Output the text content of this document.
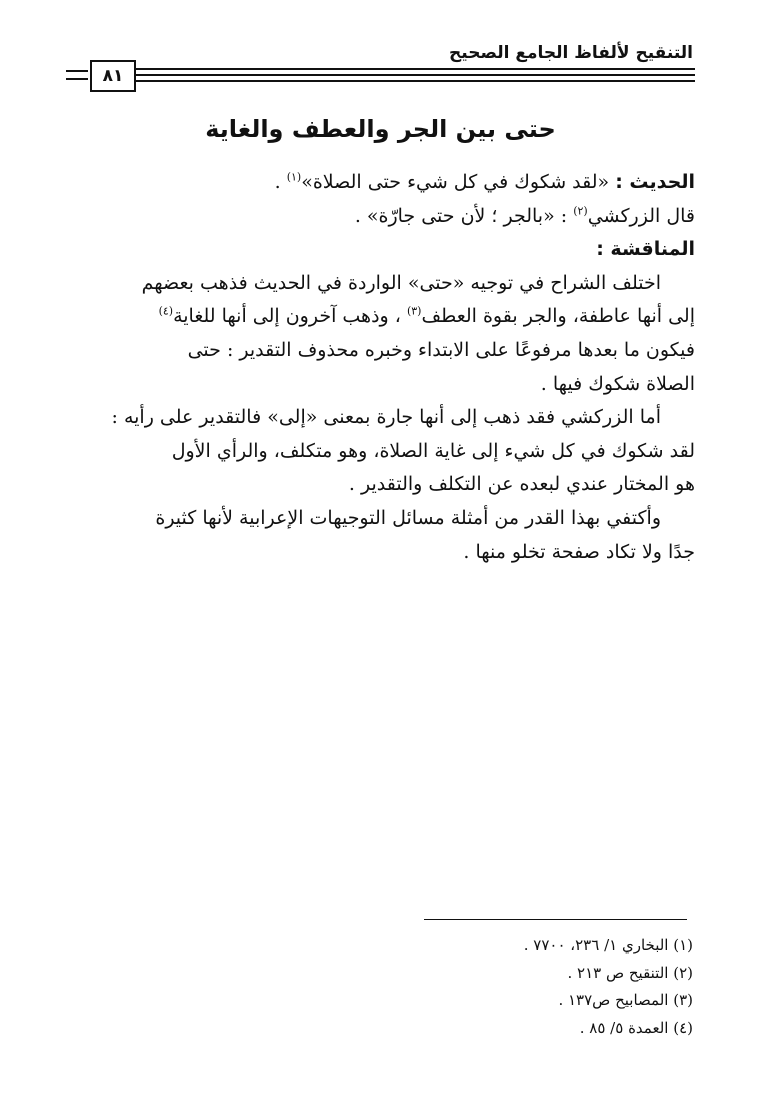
التنقيح لألفاظ الجامع الصحيح
٨١
حتى بين الجر والعطف والغاية

الحديث : «لقد شكوك في كل شيء حتى الصلاة»$^{(١)}$ .

قال الزركشي$^{(٢)}$ : «بالجر ؛ لأن حتى جارّة» .

المناقشة :

اختلف الشراح في توجيه «حتى» الواردة في الحديث فذهب بعضهم
إلى أنها عاطفة، والجر بقوة العطف$^{(٣)}$ ، وذهب آخرون إلى أنها للغاية$^{(٤)}$
فيكون ما بعدها مرفوعًا على الابتداء وخبره محذوف التقدير : حتى
الصلاة شكوك فيها .

أما الزركشي فقد ذهب إلى أنها جارة بمعنى «إلى» فالتقدير على رأيه :
لقد شكوك في كل شيء إلى غاية الصلاة، وهو متكلف، والرأي الأول
هو المختار عندي لبعده عن التكلف والتقدير .

وأكتفي بهذا القدر من أمثلة مسائل التوجيهات الإعرابية لأنها كثيرة
جدًا ولا تكاد صفحة تخلو منها .

(١) البخاري ١/ ٢٣٦، ٧٧٠٠ .
(٢) التنقيح ص ٢١٣ .
(٣) المصابيح ص١٣٧ .
(٤) العمدة ٥/ ٨٥ .
